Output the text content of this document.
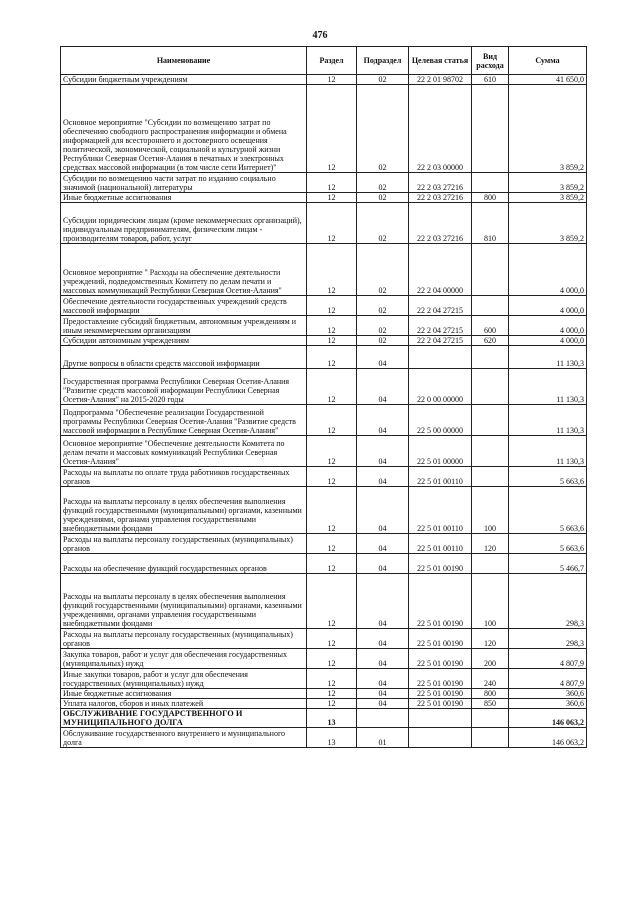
476
Наименование	Раздел	Подраздел	Целевая статья	Вид расхода	Сумма
Субсидии бюджетным учреждениям	12	02	22 2 01 98702	610	41 650,0
Основное мероприятие "Субсидии по возмещению затрат по обеспечению свободного распространения информации и обмена информацией для всестороннего и достоверного освещения политической, экономической, социальной и культурной жизни Республики Северная Осетия-Алания в печатных и электронных средствах массовой информации (в том числе сети Интернет)"	12	02	22 2 03 00000		3 859,2
Субсидии по возмещению части затрат по изданию социально значимой (национальной) литературы	12	02	22 2 03 27216		3 859,2
Иные бюджетные ассигнования	12	02	22 2 03 27216	800	3 859,2
Субсидии юридическим лицам (кроме некоммерческих организаций), индивидуальным предпринимателям, физическим лицам - производителям товаров, работ, услуг	12	02	22 2 03 27216	810	3 859,2
Основное мероприятие " Расходы на обеспечение деятельности учреждений, подведомственных Комитету по делам печати и массовых коммуникаций Республики Северная Осетия-Алания"	12	02	22 2 04 00000		4 000,0
Обеспечение деятельности государственных учреждений средств массовой информации	12	02	22 2 04 27215		4 000,0
Предоставление субсидий бюджетным, автономным учреждениям и иным некоммерческим организациям	12	02	22 2 04 27215	600	4 000,0
Субсидии автономным учреждениям	12	02	22 2 04 27215	620	4 000,0
Другие вопросы в области средств массовой информации	12	04			11 130,3
Государственная программа Республики Северная Осетия-Алания "Развитие средств массовой информации Республики Северная Осетия-Алания" на 2015-2020 годы	12	04	22 0 00 00000		11 130,3
Подпрограмма "Обеспечение реализации Государственной программы Республики Северная Осетия-Алания "Развитие средств массовой информации в Республике Северная Осетия-Алания"	12	04	22 5 00 00000		11 130,3
Основное мероприятие "Обеспечение деятельности Комитета по делам печати и массовых коммуникаций Республики Северная Осетия-Алания"	12	04	22 5 01 00000		11 130,3
Расходы на выплаты по оплате труда работников государственных органов	12	04	22 5 01 00110		5 663,6
Расходы на выплаты персоналу в целях обеспечения выполнения функций государственными (муниципальными) органами, казенными учреждениями, органами управления государственными внебюджетными фондами	12	04	22 5 01 00110	100	5 663,6
Расходы на выплаты персоналу государственных (муниципальных) органов	12	04	22 5 01 00110	120	5 663,6
Расходы на обеспечение функций государственных органов	12	04	22 5 01 00190		5 466,7
Расходы на выплаты персоналу в целях обеспечения выполнения функций государственными (муниципальными) органами, казенными учреждениями, органами управления государственными внебюджетными фондами	12	04	22 5 01 00190	100	298,3
Расходы на выплаты персоналу государственных (муниципальных) органов	12	04	22 5 01 00190	120	298,3
Закупка товаров, работ и услуг для обеспечения государственных (муниципальных) нужд	12	04	22 5 01 00190	200	4 807,9
Иные закупки товаров, работ и услуг для обеспечения государственных (муниципальных) нужд	12	04	22 5 01 00190	240	4 807,9
Иные бюджетные ассигнования	12	04	22 5 01 00190	800	360,6
Уплата налогов, сборов и иных платежей	12	04	22 5 01 00190	850	360,6
ОБСЛУЖИВАНИЕ ГОСУДАРСТВЕННОГО И МУНИЦИПАЛЬНОГО ДОЛГА	13				146 063,2
Обслуживание государственного внутреннего и муниципального долга	13	01			146 063,2
